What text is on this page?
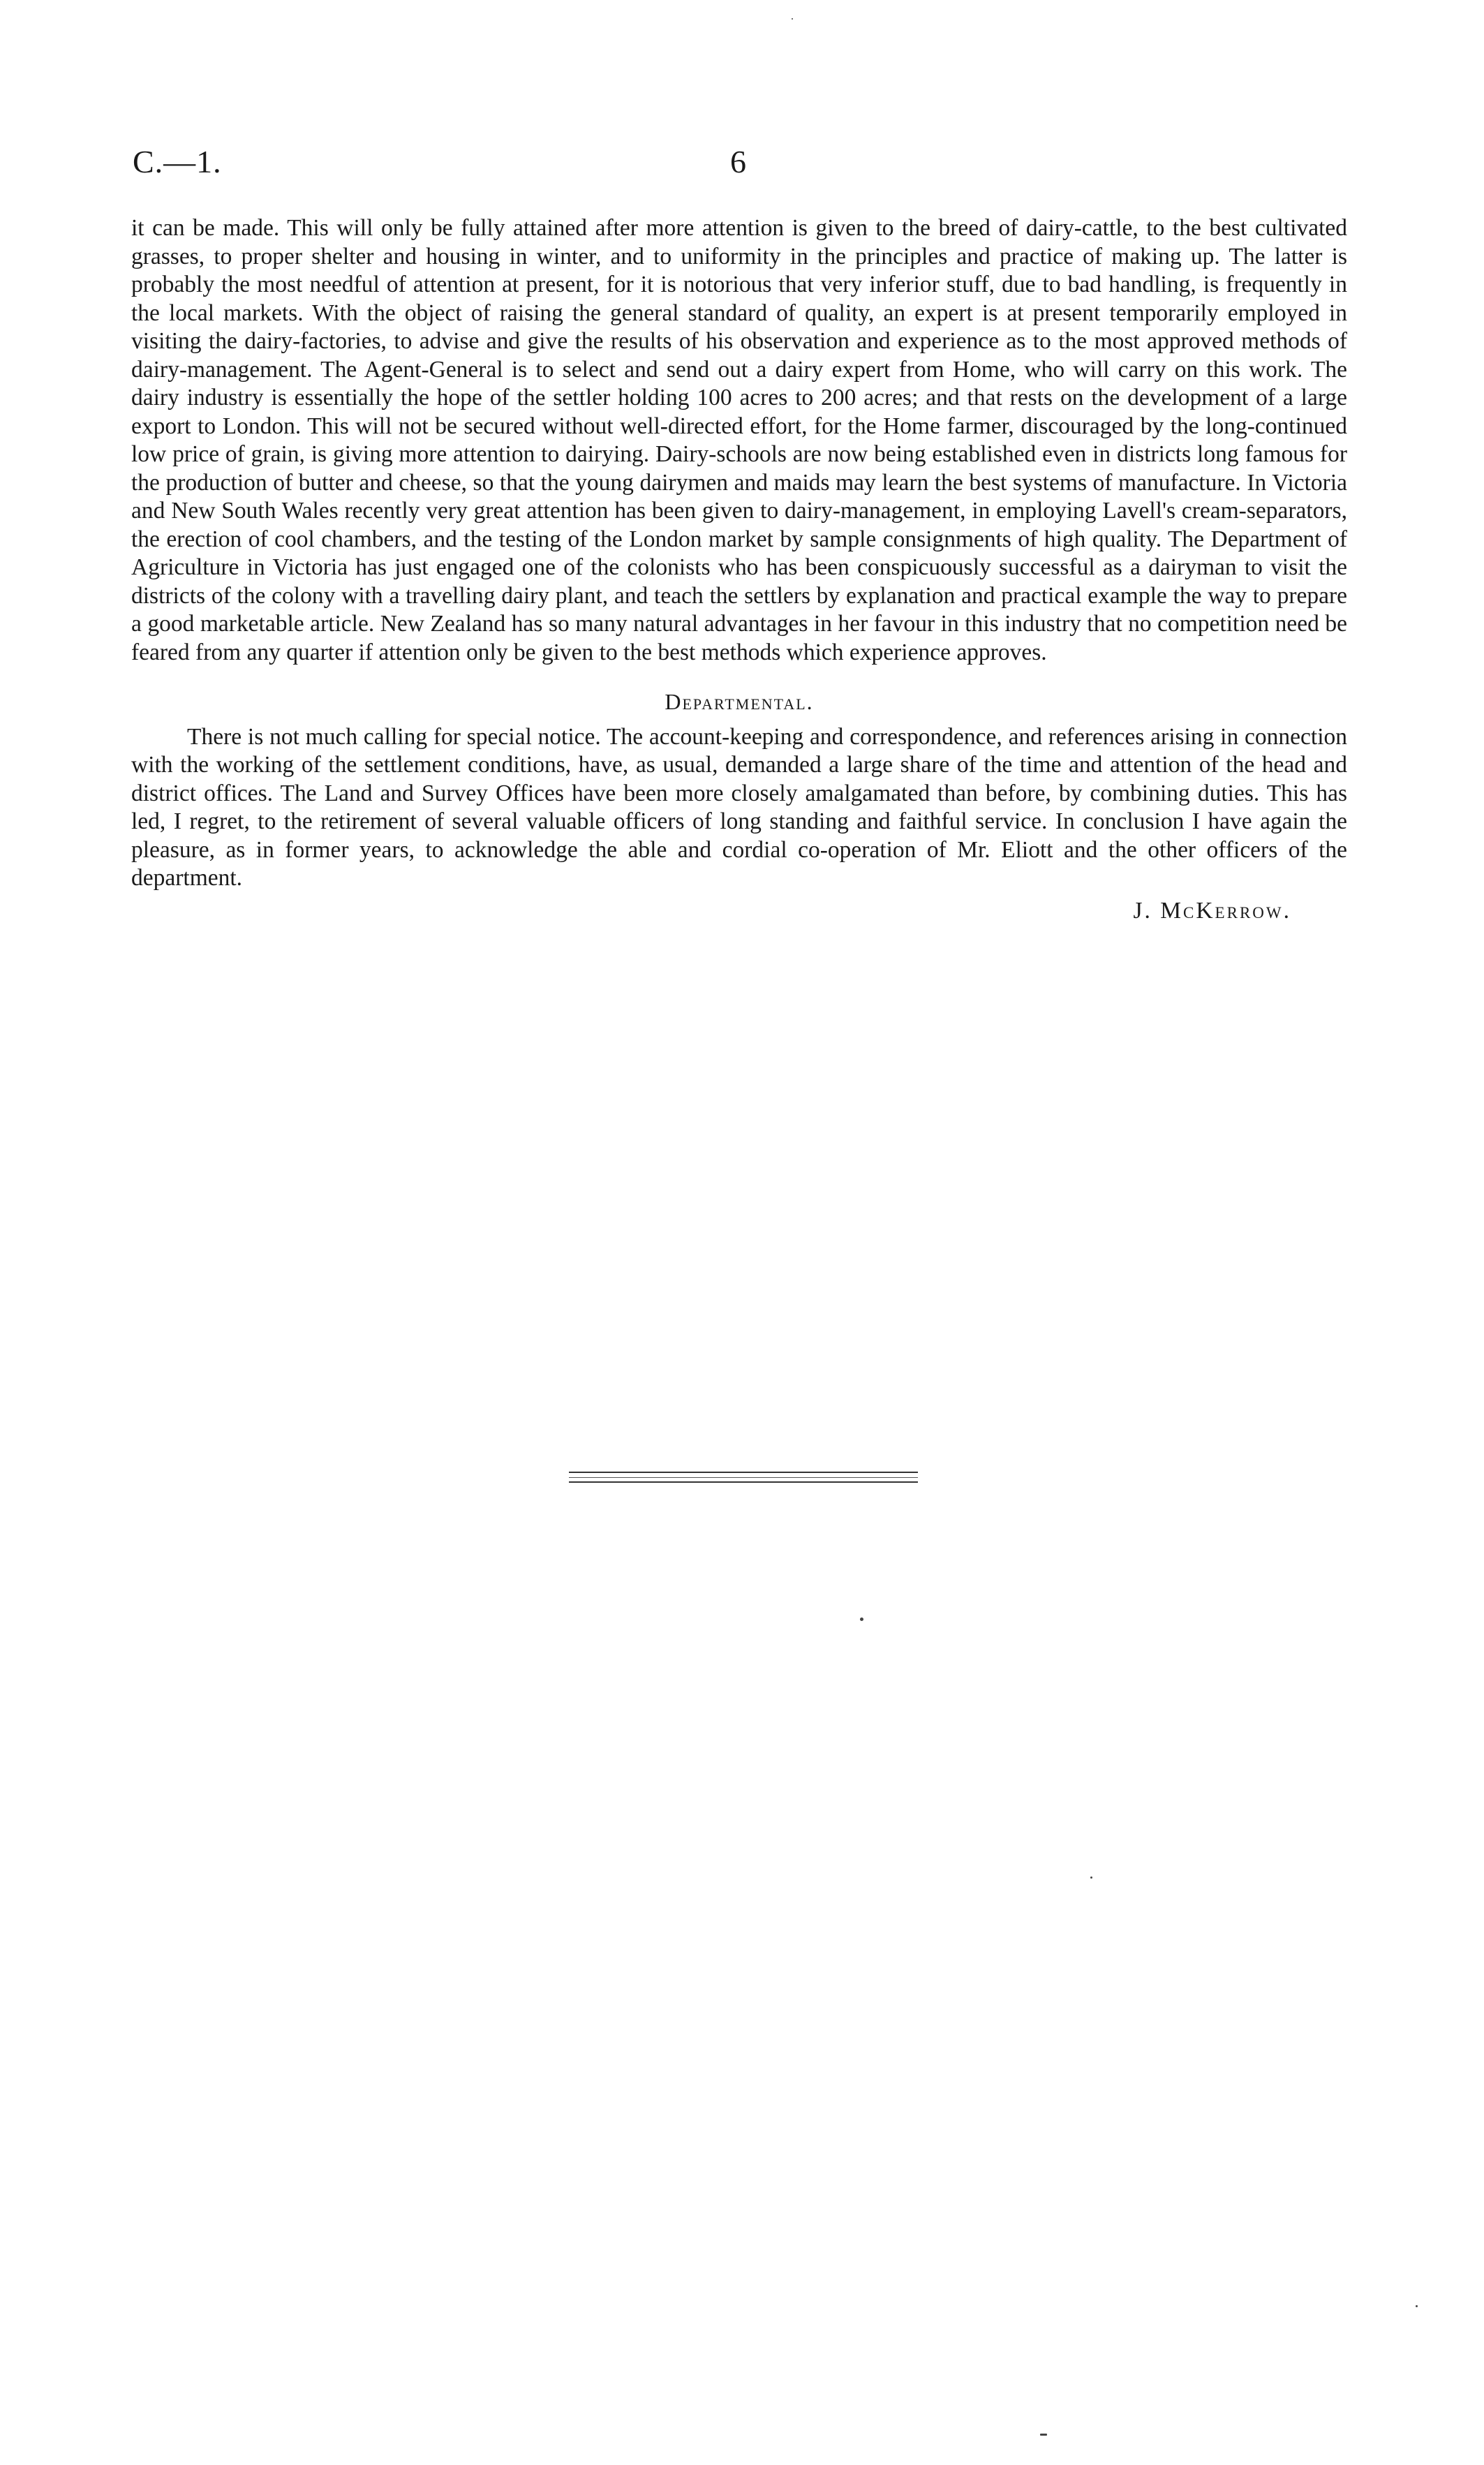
C.—1.	6

it can be made. This will only be fully attained after more attention is given to the breed of dairy-cattle, to the best cultivated grasses, to proper shelter and housing in winter, and to uniformity in the principles and practice of making up. The latter is probably the most needful of attention at present, for it is notorious that very inferior stuff, due to bad handling, is frequently in the local markets. With the object of raising the general standard of quality, an expert is at present temporarily employed in visiting the dairy-factories, to advise and give the results of his observation and experience as to the most approved methods of dairy-management. The Agent-General is to select and send out a dairy expert from Home, who will carry on this work. The dairy industry is essentially the hope of the settler holding 100 acres to 200 acres; and that rests on the development of a large export to London. This will not be secured without well-directed effort, for the Home farmer, discouraged by the long-continued low price of grain, is giving more attention to dairying. Dairy-schools are now being established even in districts long famous for the production of butter and cheese, so that the young dairymen and maids may learn the best systems of manufacture. In Victoria and New South Wales recently very great attention has been given to dairy-management, in employing Lavell's cream-separators, the erection of cool chambers, and the testing of the London market by sample consignments of high quality. The Department of Agriculture in Victoria has just engaged one of the colonists who has been conspicuously successful as a dairyman to visit the districts of the colony with a travelling dairy plant, and teach the settlers by explanation and practical example the way to prepare a good marketable article. New Zealand has so many natural advantages in her favour in this industry that no competition need be feared from any quarter if attention only be given to the best methods which experience approves.

Departmental.

There is not much calling for special notice. The account-keeping and correspondence, and references arising in connection with the working of the settlement conditions, have, as usual, demanded a large share of the time and attention of the head and district offices. The Land and Survey Offices have been more closely amalgamated than before, by combining duties. This has led, I regret, to the retirement of several valuable officers of long standing and faithful service. In conclusion I have again the pleasure, as in former years, to acknowledge the able and cordial co-operation of Mr. Eliott and the other officers of the department.

J. McKerrow.
